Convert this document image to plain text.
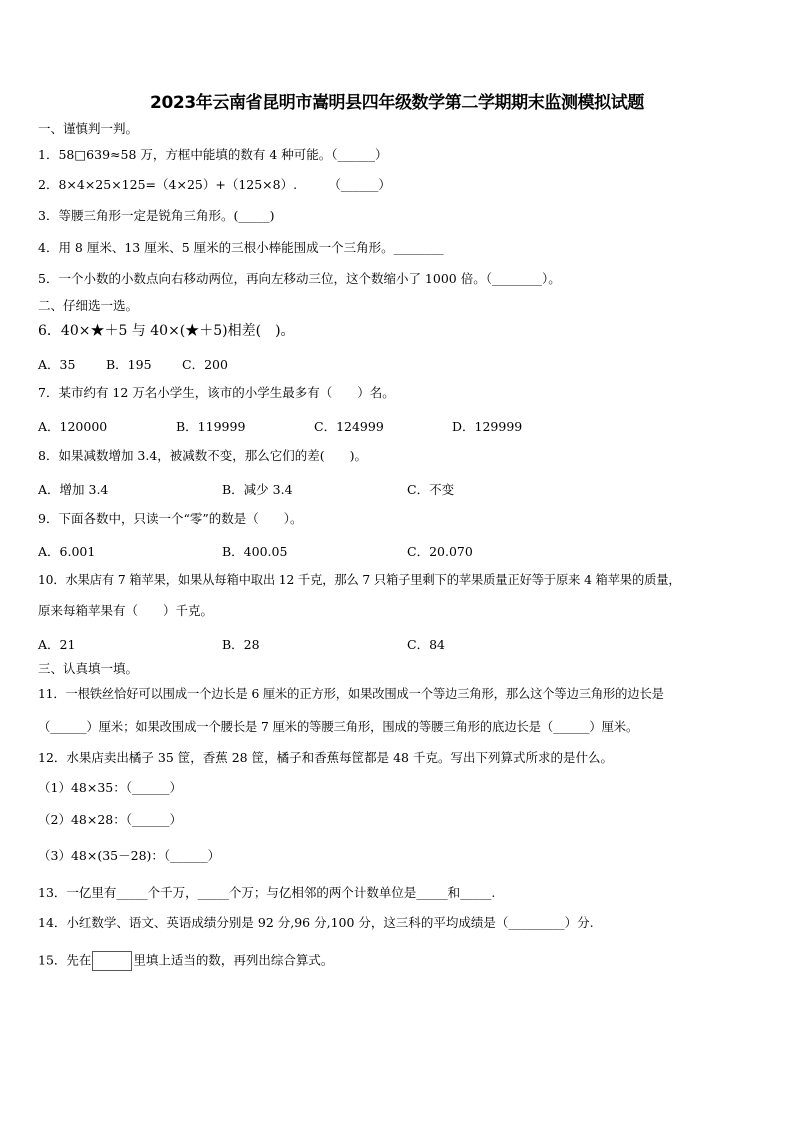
2023年云南省昆明市嵩明县四年级数学第二学期期末监测模拟试题
一、谨慎判一判。
1．58□639≈58 万，方框中能填的数有 4 种可能。（______）
2．8×4×25×125=（4×25）+（125×8）.　　　（______）
3．等腰三角形一定是锐角三角形。(_____)
4．用 8 厘米、13 厘米、5 厘米的三根小棒能围成一个三角形。________
5．一个小数的小数点向右移动两位，再向左移动三位，这个数缩小了 1000 倍。（________）。
二、仔细选一选。
6．40×★＋5 与 40×(★＋5)相差(　)。
A．35 B．195 C．200
7．某市约有 12 万名小学生，该市的小学生最多有（　　）名。
A．120000	B．119999	C．124999	D．129999
8．如果减数增加 3.4，被减数不变，那么它们的差(　　)。
A．增加 3.4	B．减少 3.4	C．不变
9．下面各数中，只读一个“零”的数是（　　）。
A．6.001	B．400.05	C．20.070
10．水果店有 7 箱苹果，如果从每箱中取出 12 千克，那么 7 只箱子里剩下的苹果质量正好等于原来 4 箱苹果的质量，
原来每箱苹果有（　　）千克。
A．21	B．28	C．84
三、认真填一填。
11．一根铁丝恰好可以围成一个边长是 6 厘米的正方形，如果改围成一个等边三角形，那么这个等边三角形的边长是
（______）厘米；如果改围成一个腰长是 7 厘米的等腰三角形，围成的等腰三角形的底边长是（______）厘米。
12．水果店卖出橘子 35 筐，香蕉 28 筐，橘子和香蕉每筐都是 48 千克。写出下列算式所求的是什么。
（1）48×35：（______）
（2）48×28：（______）
（3）48×(35－28)：（______）
13．一亿里有_____个千万，_____个万；与亿相邻的两个计数单位是_____和_____.
14．小红数学、语文、英语成绩分别是 92 分,96 分,100 分，这三科的平均成绩是（_________）分.
15．先在	里填上适当的数，再列出综合算式。
